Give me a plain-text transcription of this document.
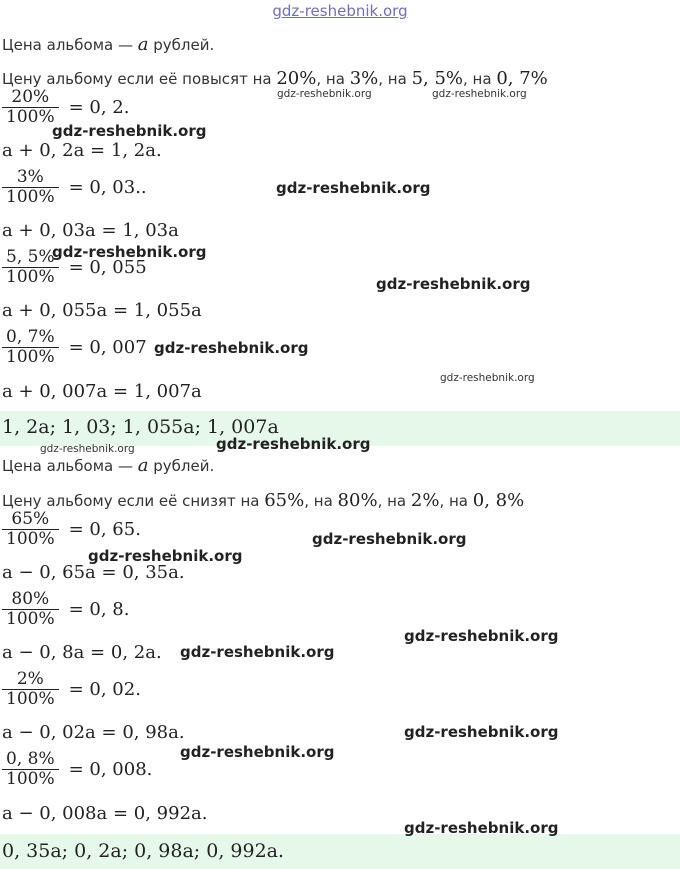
gdz-reshebnik.org
Цена альбома — a рублей.
Цену альбому если её повысят на 20%, на 3%, на 5, 5%, на 0, 7%
$\frac{20\%}{100\%} = 0$, 2.
a + 0, 2a = 1, 2a.
$\frac{3\%}{100\%} = 0$, 03..
a + 0, 03a = 1, 03a
$\frac{5, 5\%}{100\%} = 0$, 055
a + 0, 055a = 1, 055a
$\frac{0, 7\%}{100\%} = 0$, 007
a + 0, 007a = 1, 007a
1, 2a; 1, 03; 1, 055a; 1, 007a
Цена альбома — a рублей.
Цену альбому если её снизят на 65%, на 80%, на 2%, на 0, 8%
$\frac{65\%}{100\%} = 0$, 65.
a − 0, 65a = 0, 35a.
$\frac{80\%}{100\%} = 0$, 8.
a − 0, 8a = 0, 2a.
$\frac{2\%}{100\%} = 0$, 02.
a − 0, 02a = 0, 98a.
$\frac{0, 8\%}{100\%} = 0$, 008.
a − 0, 008a = 0, 992a.
0, 35a; 0, 2a; 0, 98a; 0, 992a.
gdz-reshebnik.org	gdz-reshebnik.org
gdz-reshebnik.org
gdz-reshebnik.org
gdz-reshebnik.org
gdz-reshebnik.org
gdz-reshebnik.org
gdz-reshebnik.org
gdz-reshebnik.org
gdz-reshebnik.org
gdz-reshebnik.org
gdz-reshebnik.org
gdz-reshebnik.org
gdz-reshebnik.org
gdz-reshebnik.org
gdz-reshebnik.org
gdz-reshebnik.org
